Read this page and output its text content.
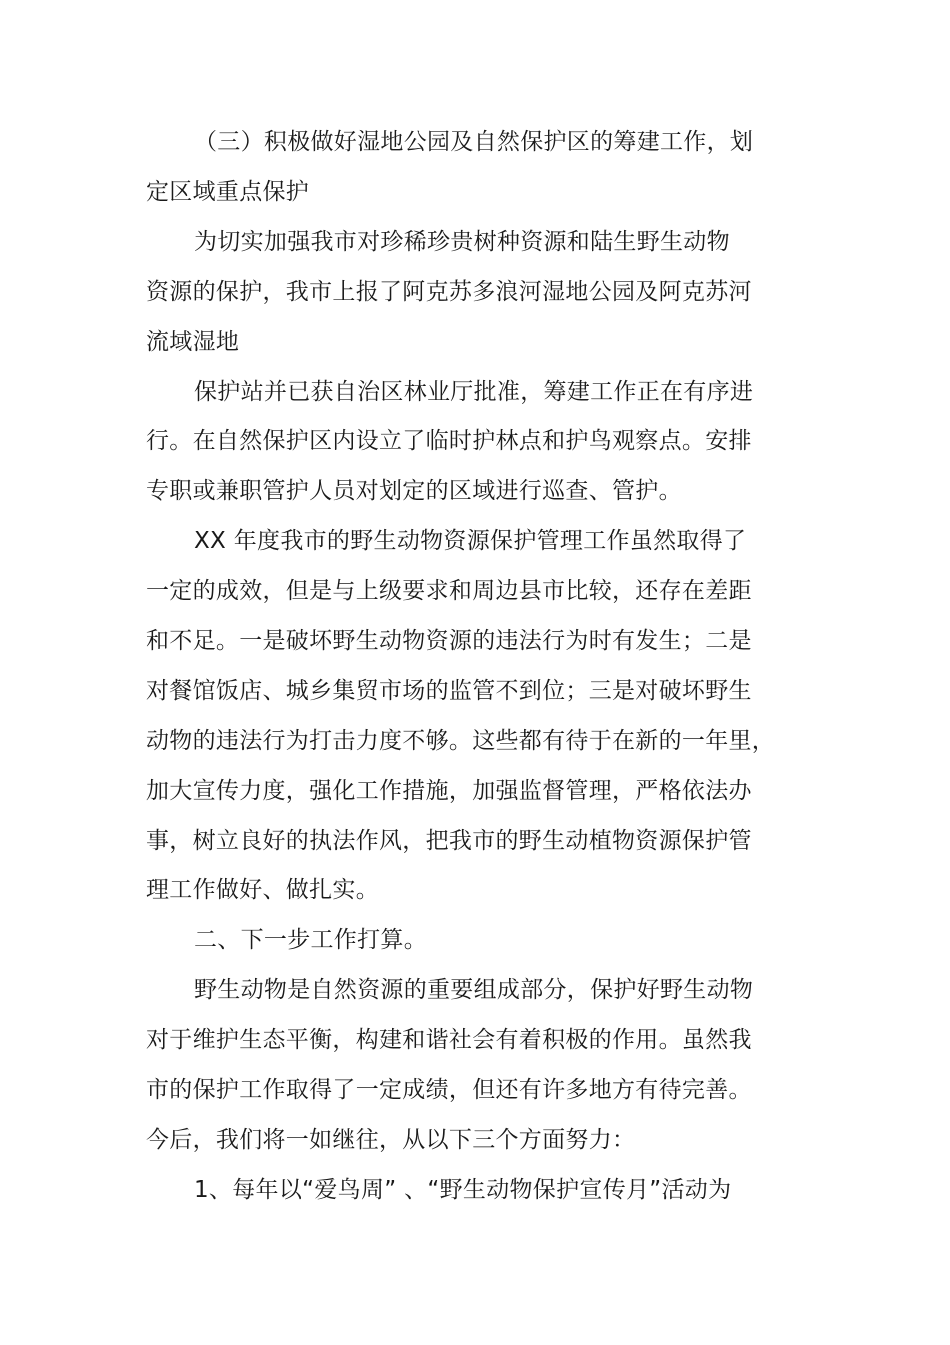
（三）积极做好湿地公园及自然保护区的筹建工作，划
定区域重点保护
为切实加强我市对珍稀珍贵树种资源和陆生野生动物
资源的保护，我市上报了阿克苏多浪河湿地公园及阿克苏河
流域湿地
保护站并已获自治区林业厅批准，筹建工作正在有序进
行。在自然保护区内设立了临时护林点和护鸟观察点。安排
专职或兼职管护人员对划定的区域进行巡查、管护。
XX 年度我市的野生动物资源保护管理工作虽然取得了
一定的成效，但是与上级要求和周边县市比较，还存在差距
和不足。一是破坏野生动物资源的违法行为时有发生；二是
对餐馆饭店、城乡集贸市场的监管不到位；三是对破坏野生
动物的违法行为打击力度不够。这些都有待于在新的一年里，
加大宣传力度，强化工作措施，加强监督管理，严格依法办
事，树立良好的执法作风，把我市的野生动植物资源保护管
理工作做好、做扎实。
二、下一步工作打算。
野生动物是自然资源的重要组成部分，保护好野生动物
对于维护生态平衡，构建和谐社会有着积极的作用。虽然我
市的保护工作取得了一定成绩，但还有许多地方有待完善。
今后，我们将一如继往，从以下三个方面努力：
1、每年以“爱鸟周” 、“野生动物保护宣传月”活动为
